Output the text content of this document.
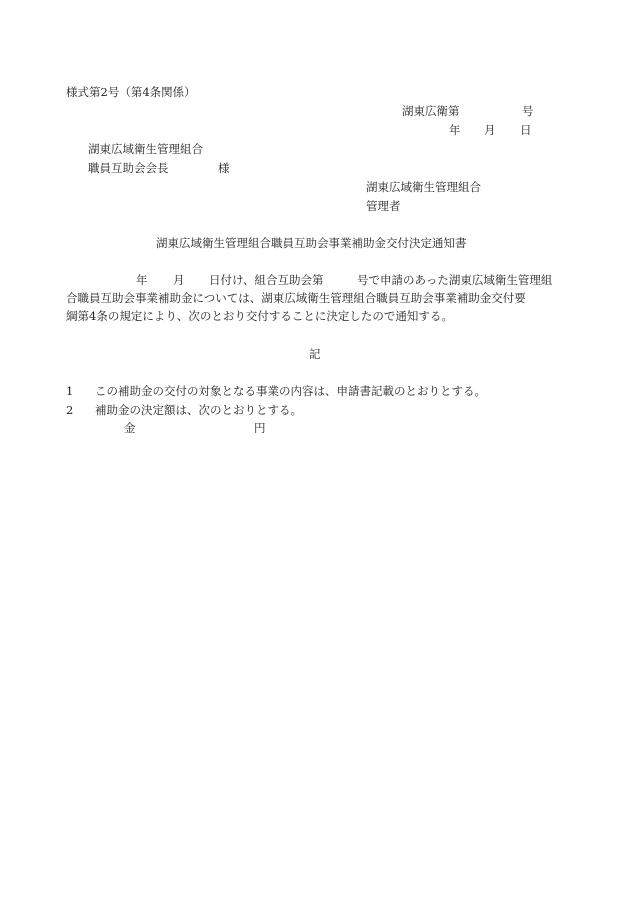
様式第2号（第4条関係）
湖東広衛第	号
年 月 日
湖東広域衛生管理組合
職員互助会会長	様
湖東広域衛生管理組合
管理者
湖東広域衛生管理組合職員互助会事業補助金交付決定通知書
年 月 日付け、組合互助会第	号で申請のあった湖東広域衛生管理組
合職員互助会事業補助金については、湖東広域衛生管理組合職員互助会事業補助金交付要
綱第4条の規定により、次のとおり交付することに決定したので通知する。
記
1 この補助金の交付の対象となる事業の内容は、申請書記載のとおりとする。
2 補助金の決定額は、次のとおりとする。
金	円
